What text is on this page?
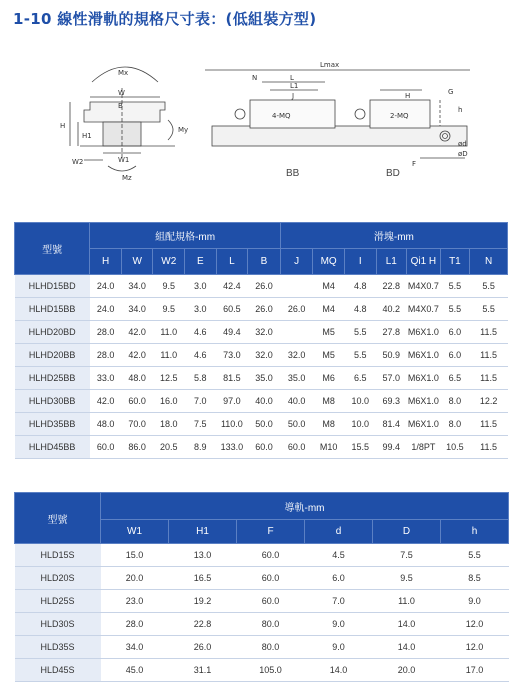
1-10 線性滑軌的規格尺寸表：(低組裝方型)
Mx
W
B
H
H1
W2	W1
My
Mz
Lmax
N	L
L1
4-MQ
J
2-MQ
H	G
F
ød
øD
h
BB	BD
型號	組配規格-mm						滑塊-mm						
	H	W	W2	E	L	B	J	MQ	I	L1	Qi1 H	T1	N
HLHD15BD	24.0	34.0	9.5	3.0	42.4	26.0		M4	4.8	22.8	M4X0.7	5.5	5.5
HLHD15BB	24.0	34.0	9.5	3.0	60.5	26.0	26.0	M4	4.8	40.2	M4X0.7	5.5	5.5
HLHD20BD	28.0	42.0	11.0	4.6	49.4	32.0		M5	5.5	27.8	M6X1.0	6.0	11.5
HLHD20BB	28.0	42.0	11.0	4.6	73.0	32.0	32.0	M5	5.5	50.9	M6X1.0	6.0	11.5
HLHD25BB	33.0	48.0	12.5	5.8	81.5	35.0	35.0	M6	6.5	57.0	M6X1.0	6.5	11.5
HLHD30BB	42.0	60.0	16.0	7.0	97.0	40.0	40.0	M8	10.0	69.3	M6X1.0	8.0	12.2
HLHD35BB	48.0	70.0	18.0	7.5	110.0	50.0	50.0	M8	10.0	81.4	M6X1.0	8.0	11.5
HLHD45BB	60.0	86.0	20.5	8.9	133.0	60.0	60.0	M10	15.5	99.4	1/8PT	10.5	11.5
型號	導軌-mm					
	W1	H1	F	d	D	h
HLD15S	15.0	13.0	60.0	4.5	7.5	5.5
HLD20S	20.0	16.5	60.0	6.0	9.5	8.5
HLD25S	23.0	19.2	60.0	7.0	11.0	9.0
HLD30S	28.0	22.8	80.0	9.0	14.0	12.0
HLD35S	34.0	26.0	80.0	9.0	14.0	12.0
HLD45S	45.0	31.1	105.0	14.0	20.0	17.0
